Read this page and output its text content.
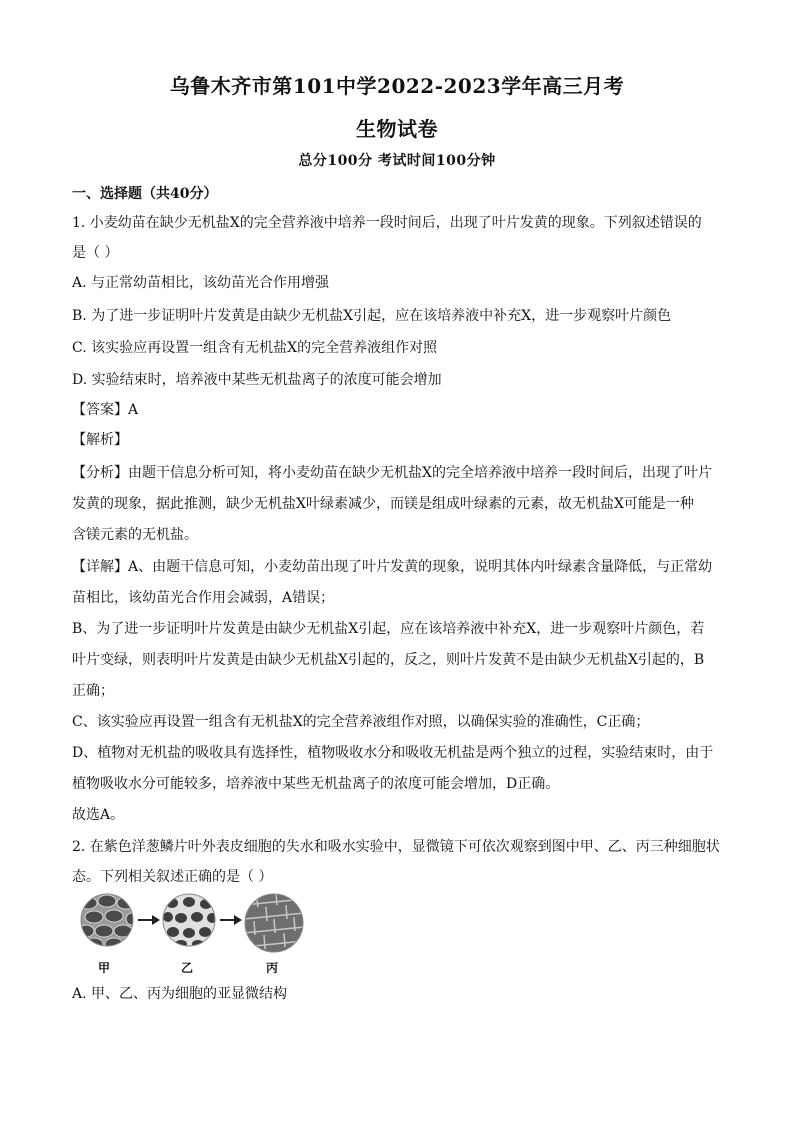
乌鲁木齐市第101中学2022-2023学年高三月考
生物试卷
总分100分 考试时间100分钟
一、选择题（共40分）
1. 小麦幼苗在缺少无机盐X的完全营养液中培养一段时间后，出现了叶片发黄的现象。下列叙述错误的
是（ ）
A. 与正常幼苗相比，该幼苗光合作用增强
B. 为了进一步证明叶片发黄是由缺少无机盐X引起，应在该培养液中补充X，进一步观察叶片颜色
C. 该实验应再设置一组含有无机盐X的完全营养液组作对照
D. 实验结束时，培养液中某些无机盐离子的浓度可能会增加
【答案】A
【解析】
【分析】由题干信息分析可知，将小麦幼苗在缺少无机盐X的完全培养液中培养一段时间后，出现了叶片
发黄的现象，据此推测，缺少无机盐X叶绿素减少，而镁是组成叶绿素的元素，故无机盐X可能是一种
含镁元素的无机盐。
【详解】A、由题干信息可知，小麦幼苗出现了叶片发黄的现象，说明其体内叶绿素含量降低，与正常幼
苗相比，该幼苗光合作用会减弱，A错误；
B、为了进一步证明叶片发黄是由缺少无机盐X引起，应在该培养液中补充X，进一步观察叶片颜色，若
叶片变绿，则表明叶片发黄是由缺少无机盐X引起的，反之，则叶片发黄不是由缺少无机盐X引起的，B
正确；
C、该实验应再设置一组含有无机盐X的完全营养液组作对照，以确保实验的准确性，C正确；
D、植物对无机盐的吸收具有选择性，植物吸收水分和吸收无机盐是两个独立的过程，实验结束时，由于
植物吸收水分可能较多，培养液中某些无机盐离子的浓度可能会增加，D正确。
故选A。
2. 在紫色洋葱鳞片叶外表皮细胞的失水和吸水实验中，显微镜下可依次观察到图中甲、乙、丙三种细胞状
态。下列相关叙述正确的是（ ）
甲	乙	丙
A. 甲、乙、丙为细胞的亚显微结构
